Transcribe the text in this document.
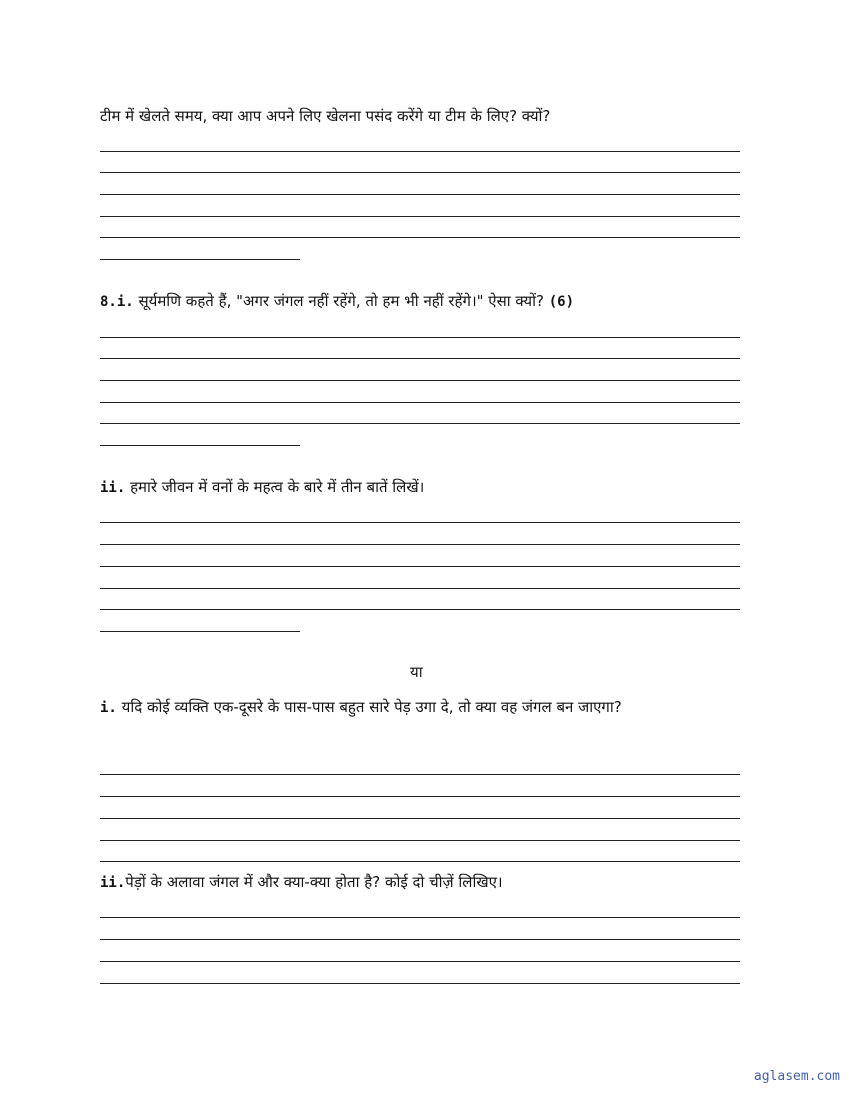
टीम में खेलते समय, क्या आप अपने लिए खेलना पसंद करेंगे या टीम के लिए? क्यों?
8.i. सूर्यमणि कहते हैं, "अगर जंगल नहीं रहेंगे, तो हम भी नहीं रहेंगे।" ऐसा क्यों? (6)
ii. हमारे जीवन में वनों के महत्व के बारे में तीन बातें लिखें।
या
i. यदि कोई व्यक्ति एक-दूसरे के पास-पास बहुत सारे पेड़ उगा दे, तो क्या वह जंगल बन जाएगा?
ii.पेड़ों के अलावा जंगल में और क्या-क्या होता है? कोई दो चीज़ें लिखिए।
aglasem.com
